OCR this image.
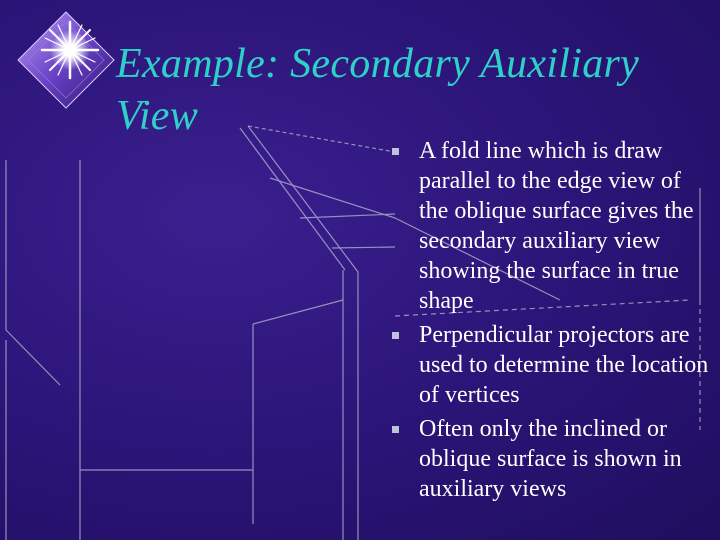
Example: Secondary Auxiliary View
A fold line which is draw parallel to the edge view of the oblique surface gives the secondary auxiliary view showing the surface in true shape
Perpendicular projectors are used to determine the location of vertices
Often only the inclined or oblique surface is shown in auxiliary views
